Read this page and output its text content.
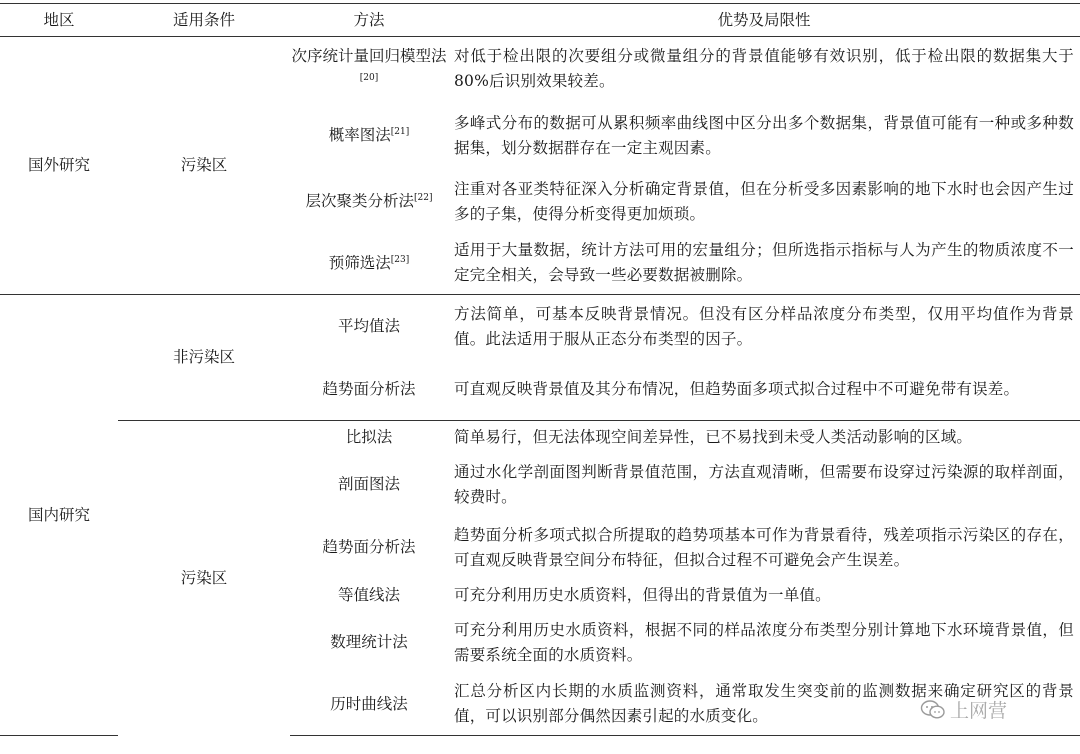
地区	适用条件	方法	优势及局限性
国外研究	污染区	次序统计量回归模型法[20]	对低于检出限的次要组分或微量组分的背景值能够有效识别，低于检出限的数据集大于 80%后识别效果较差。
		概率图法[21]	多峰式分布的数据可从累积频率曲线图中区分出多个数据集，背景值可能有一种或多种数据集，划分数据群存在一定主观因素。
		层次聚类分析法[22]	注重对各亚类特征深入分析确定背景值，但在分析受多因素影响的地下水时也会因产生过多的子集，使得分析变得更加烦琐。
		预筛选法[23]	适用于大量数据，统计方法可用的宏量组分；但所选指示指标与人为产生的物质浓度不一定完全相关，会导致一些必要数据被删除。
国内研究	非污染区	平均值法	方法简单，可基本反映背景情况。但没有区分样品浓度分布类型，仅用平均值作为背景值。此法适用于服从正态分布类型的因子。
		趋势面分析法	可直观反映背景值及其分布情况，但趋势面多项式拟合过程中不可避免带有误差。
	污染区	比拟法	简单易行，但无法体现空间差异性，已不易找到未受人类活动影响的区域。
		剖面图法	通过水化学剖面图判断背景值范围，方法直观清晰，但需要布设穿过污染源的取样剖面，较费时。
		趋势面分析法	趋势面分析多项式拟合所提取的趋势项基本可作为背景看待，残差项指示污染区的存在，可直观反映背景空间分布特征，但拟合过程不可避免会产生误差。
		等值线法	可充分利用历史水质资料，但得出的背景值为一单值。
		数理统计法	可充分利用历史水质资料，根据不同的样品浓度分布类型分别计算地下水环境背景值，但需要系统全面的水质资料。
		历时曲线法	汇总分析区内长期的水质监测资料，通常取发生突变前的监测数据来确定研究区的背景值，可以识别部分偶然因素引起的水质变化。	上网营
